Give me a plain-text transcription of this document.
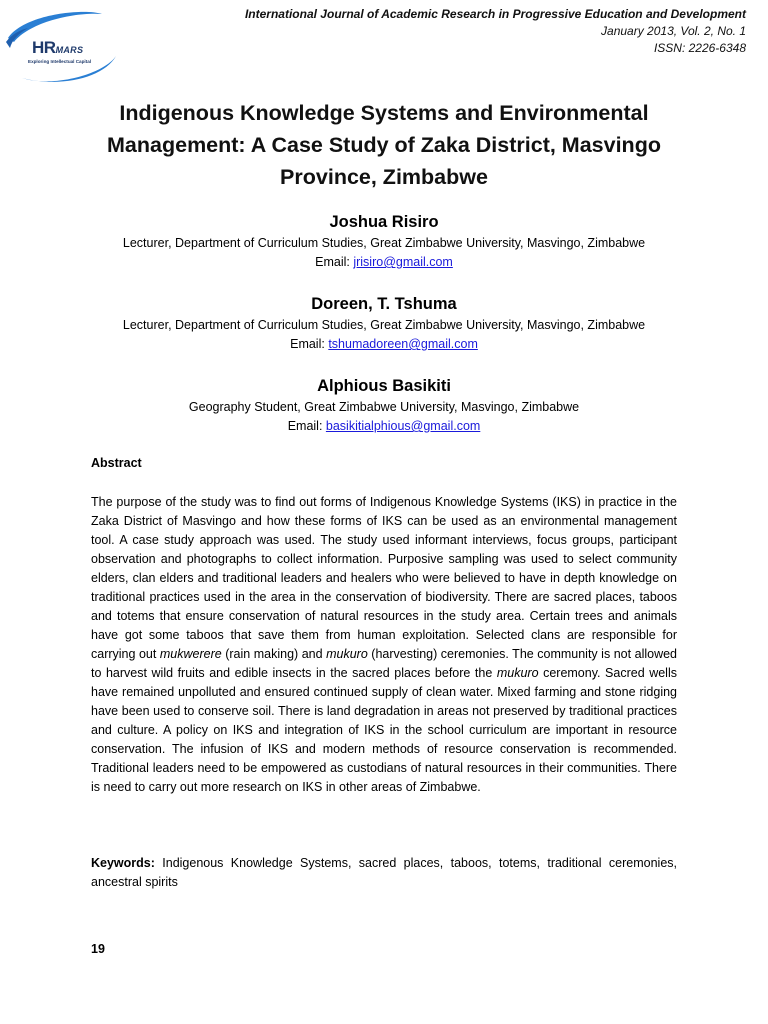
HRMARS
Exploring Intellectual Capital
International Journal of Academic Research in Progressive Education and Development
January 2013, Vol. 2, No. 1
ISSN: 2226-6348
Indigenous Knowledge Systems and Environmental Management: A Case Study of Zaka District, Masvingo Province, Zimbabwe
Joshua Risiro
Lecturer, Department of Curriculum Studies, Great Zimbabwe University, Masvingo, Zimbabwe
Email: jrisiro@gmail.com
Doreen, T. Tshuma
Lecturer, Department of Curriculum Studies, Great Zimbabwe University, Masvingo, Zimbabwe
Email: tshumadoreen@gmail.com
Alphious Basikiti
Geography Student, Great Zimbabwe University, Masvingo, Zimbabwe
Email: basikitialphious@gmail.com
Abstract
The purpose of the study was to find out forms of Indigenous Knowledge Systems (IKS) in practice in the Zaka District of Masvingo and how these forms of IKS can be used as an environmental management tool. A case study approach was used. The study used informant interviews, focus groups, participant observation and photographs to collect information. Purposive sampling was used to select community elders, clan elders and traditional leaders and healers who were believed to have in depth knowledge on traditional practices used in the area in the conservation of biodiversity. There are sacred places, taboos and totems that ensure conservation of natural resources in the study area. Certain trees and animals have got some taboos that save them from human exploitation. Selected clans are responsible for carrying out mukwerere (rain making) and mukuro (harvesting) ceremonies. The community is not allowed to harvest wild fruits and edible insects in the sacred places before the mukuro ceremony. Sacred wells have remained unpolluted and ensured continued supply of clean water. Mixed farming and stone ridging have been used to conserve soil. There is land degradation in areas not preserved by traditional practices and culture. A policy on IKS and integration of IKS in the school curriculum are important in resource conservation. The infusion of IKS and modern methods of resource conservation is recommended. Traditional leaders need to be empowered as custodians of natural resources in their communities. There is need to carry out more research on IKS in other areas of Zimbabwe.
Keywords: Indigenous Knowledge Systems, sacred places, taboos, totems, traditional ceremonies, ancestral spirits
19
